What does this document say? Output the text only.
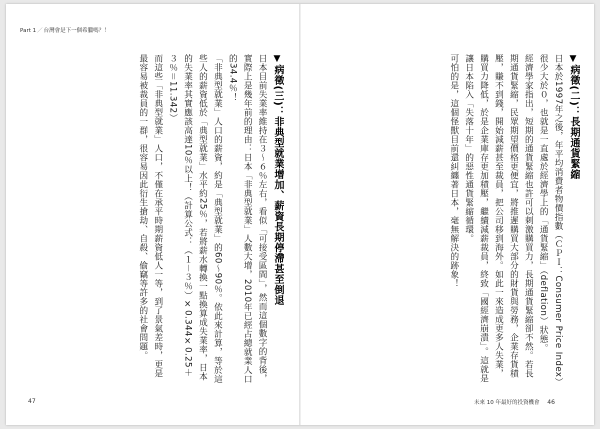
Part 1／台灣會是下一個希臘嗎？！

▼病徵(三)：非典型就業增加、薪資長期停滯甚至倒退

日本目前失業率維持在３～６％左右，看似「可接受區間」，然而這個數字的背後，實際上是幾年前的理由：日本「非典型就業」人數大增，2010年已經占總就業人口的34.4％！

「非典型就業」人口的薪資，約是「典型就業」的60～90％。依此來計算，等於這些人的薪資低於「典型就業」水平約25％，若將薪水轉換一點換算成失業率，日本的失業率其實應該高達10％以上！（計算公式：（１－３％）×0.344×0.25＋３％＝11.342）

而這些「非典型就業」人口，不僅在承平時期薪資低人一等，到了景氣差時，更是最容易被裁員的一群，很容易因此衍生搶劫、自殺、偷竊等許多的社會問題。	▼病徵(二)：長期通貨緊縮

日本於1997年之後，年平均消費者物價指數（ＣＰＩ：Consumer Price Index）很少大於０，也就是一直處於經濟學上的「通貨緊縮」（deflation）狀態。

經濟學家指出，短期的通貨緊縮也許可以刺激購買力，長期通貨緊縮卻不然。若長期通貨緊縮，民眾期望價格更便宜，將推遲購買大部分的財貨與勞務，企業存貨積壓，賺不到錢，開始減薪甚至裁員，把公司移到海外。如此一來造成更多人失業，購買力降低，於是企業庫存更加積壓，繼續減薪裁員，終致「國經濟崩潰」。這就是讓日本陷入「失落十年」的惡性通貨緊縮循環。

可怕的是，這個怪獸目前還糾纏著日本，毫無解決的跡象！

47	未來 10 年最好的投資機會 46
